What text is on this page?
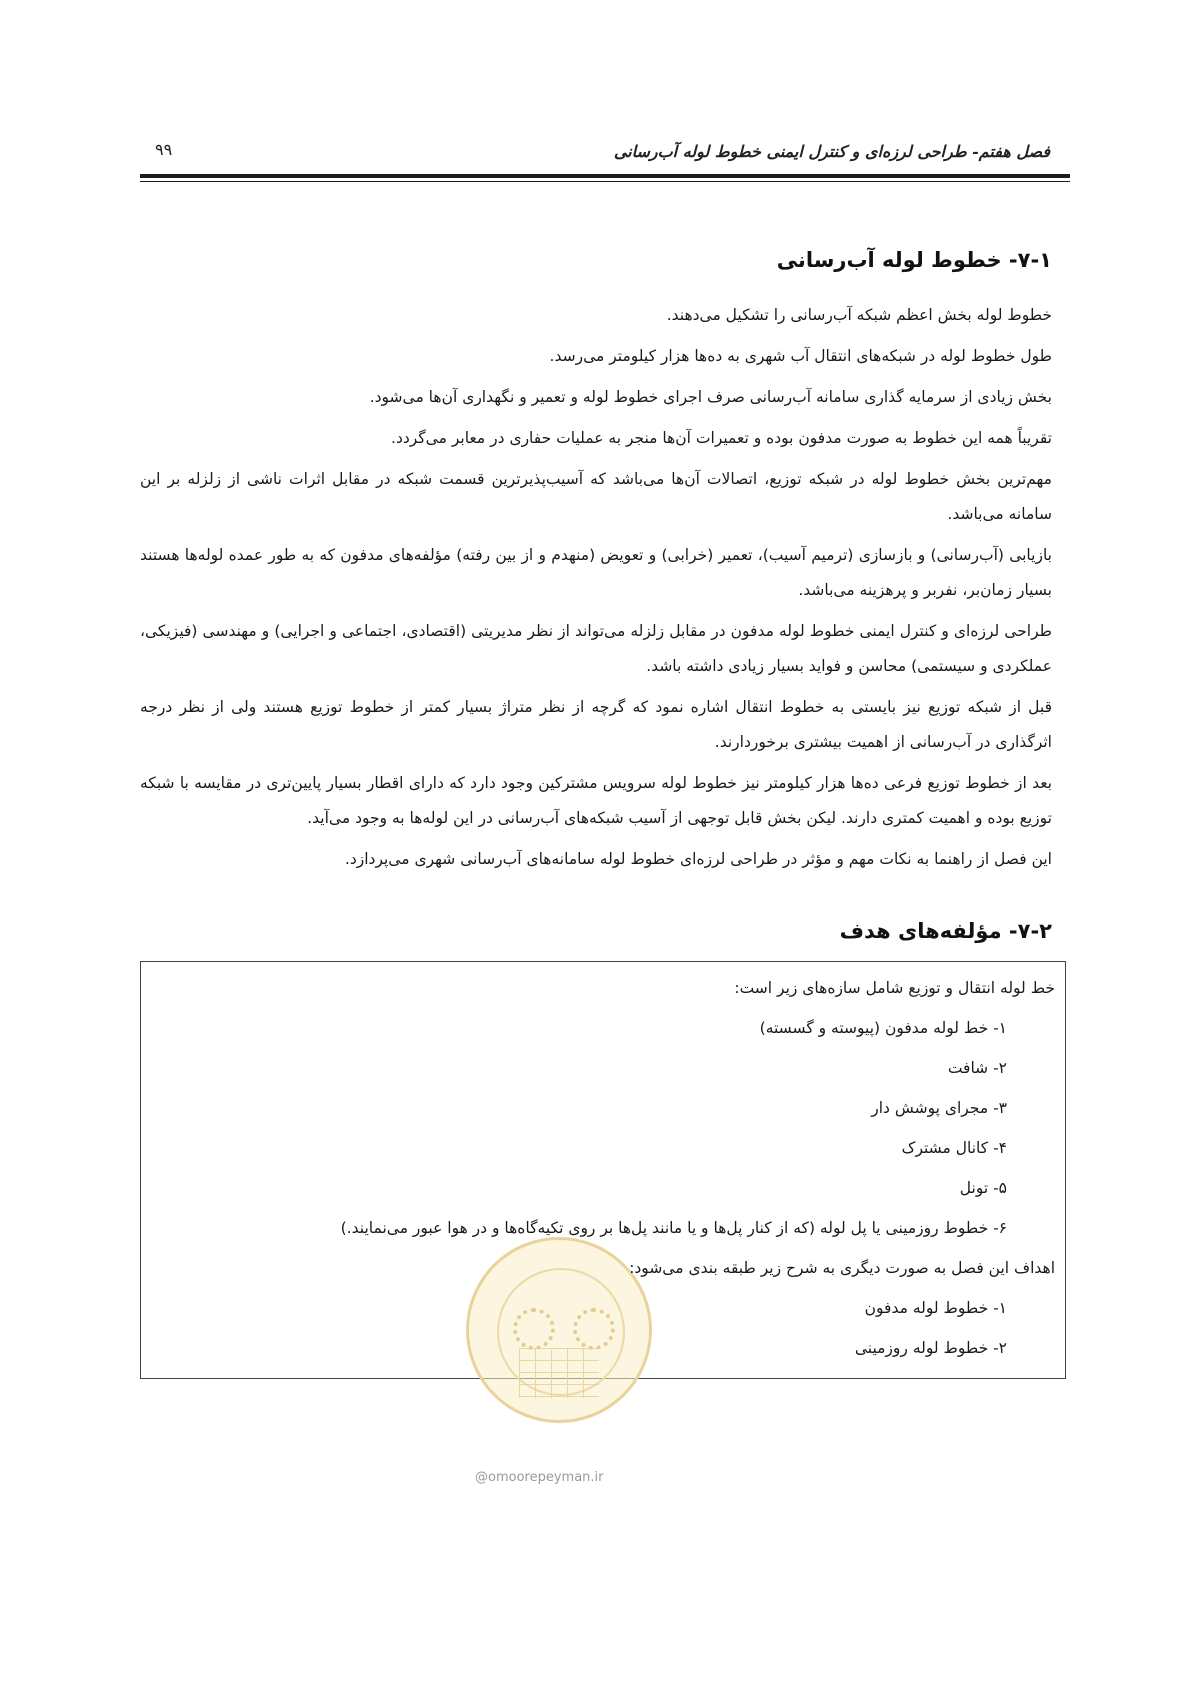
فصل هفتم- طراحی لرزه‌ای و کنترل ایمنی خطوط لوله آب‌رسانی
۹۹
۷-۱- خطوط لوله آب‌رسانی

خطوط لوله بخش اعظم شبکه آب‌رسانی را تشکیل می‌دهند.

طول خطوط لوله در شبکه‌های انتقال آب شهری به ده‌ها هزار کیلومتر می‌رسد.

بخش زیادی از سرمایه گذاری سامانه آب‌رسانی صرف اجرای خطوط لوله و تعمیر و نگهداری آن‌ها می‌شود.

تقریباً همه این خطوط به صورت مدفون بوده و تعمیرات آن‌ها منجر به عملیات حفاری در معابر می‌گردد.

مهم‌ترین بخش خطوط لوله در شبکه توزیع، اتصالات آن‌ها می‌باشد که آسیب‌پذیرترین قسمت شبکه در مقابل اثرات ناشی از زلزله بر این سامانه می‌باشد.

بازیابی (آب‌رسانی) و بازسازی (ترمیم آسیب)، تعمیر (خرابی) و تعویض (منهدم و از بین رفته) مؤلفه‌های مدفون که به طور عمده لوله‌ها هستند بسیار زمان‌بر، نفربر و پرهزینه می‌باشد.

طراحی لرزه‌ای و کنترل ایمنی خطوط لوله مدفون در مقابل زلزله می‌تواند از نظر مدیریتی (اقتصادی، اجتماعی و اجرایی) و مهندسی (فیزیکی، عملکردی و سیستمی) محاسن و فواید بسیار زیادی داشته باشد.

قبل از شبکه توزیع نیز بایستی به خطوط انتقال اشاره نمود که گرچه از نظر متراژ بسیار کمتر از خطوط توزیع هستند ولی از نظر درجه اثرگذاری در آب‌رسانی از اهمیت بیشتری برخوردارند.

بعد از خطوط توزیع فرعی ده‌ها هزار کیلومتر نیز خطوط لوله سرویس مشترکین وجود دارد که دارای اقطار بسیار پایین‌تری در مقایسه با شبکه توزیع بوده و اهمیت کمتری دارند. لیکن بخش قابل توجهی از آسیب شبکه‌های آب‌رسانی در این لوله‌ها به وجود می‌آید.

این فصل از راهنما به نکات مهم و مؤثر در طراحی لرزه‌ای خطوط لوله سامانه‌های آب‌رسانی شهری می‌پردازد.

۷-۲- مؤلفه‌های هدف
خط لوله انتقال و توزیع شامل سازه‌های زیر است:
۱- خط لوله مدفون (پیوسته و گسسته)
۲- شافت
۳- مجرای پوشش دار
۴- کانال مشترک
۵- تونل
۶- خطوط روزمینی یا پل لوله (که از کنار پل‌ها و یا مانند پل‌ها بر روی تکیه‌گاه‌ها و در هوا عبور می‌نمایند.)
اهداف این فصل به صورت دیگری به شرح زیر طبقه بندی می‌شود:
۱- خطوط لوله مدفون
۲- خطوط لوله روزمینی
@omoorepeyman.ir
